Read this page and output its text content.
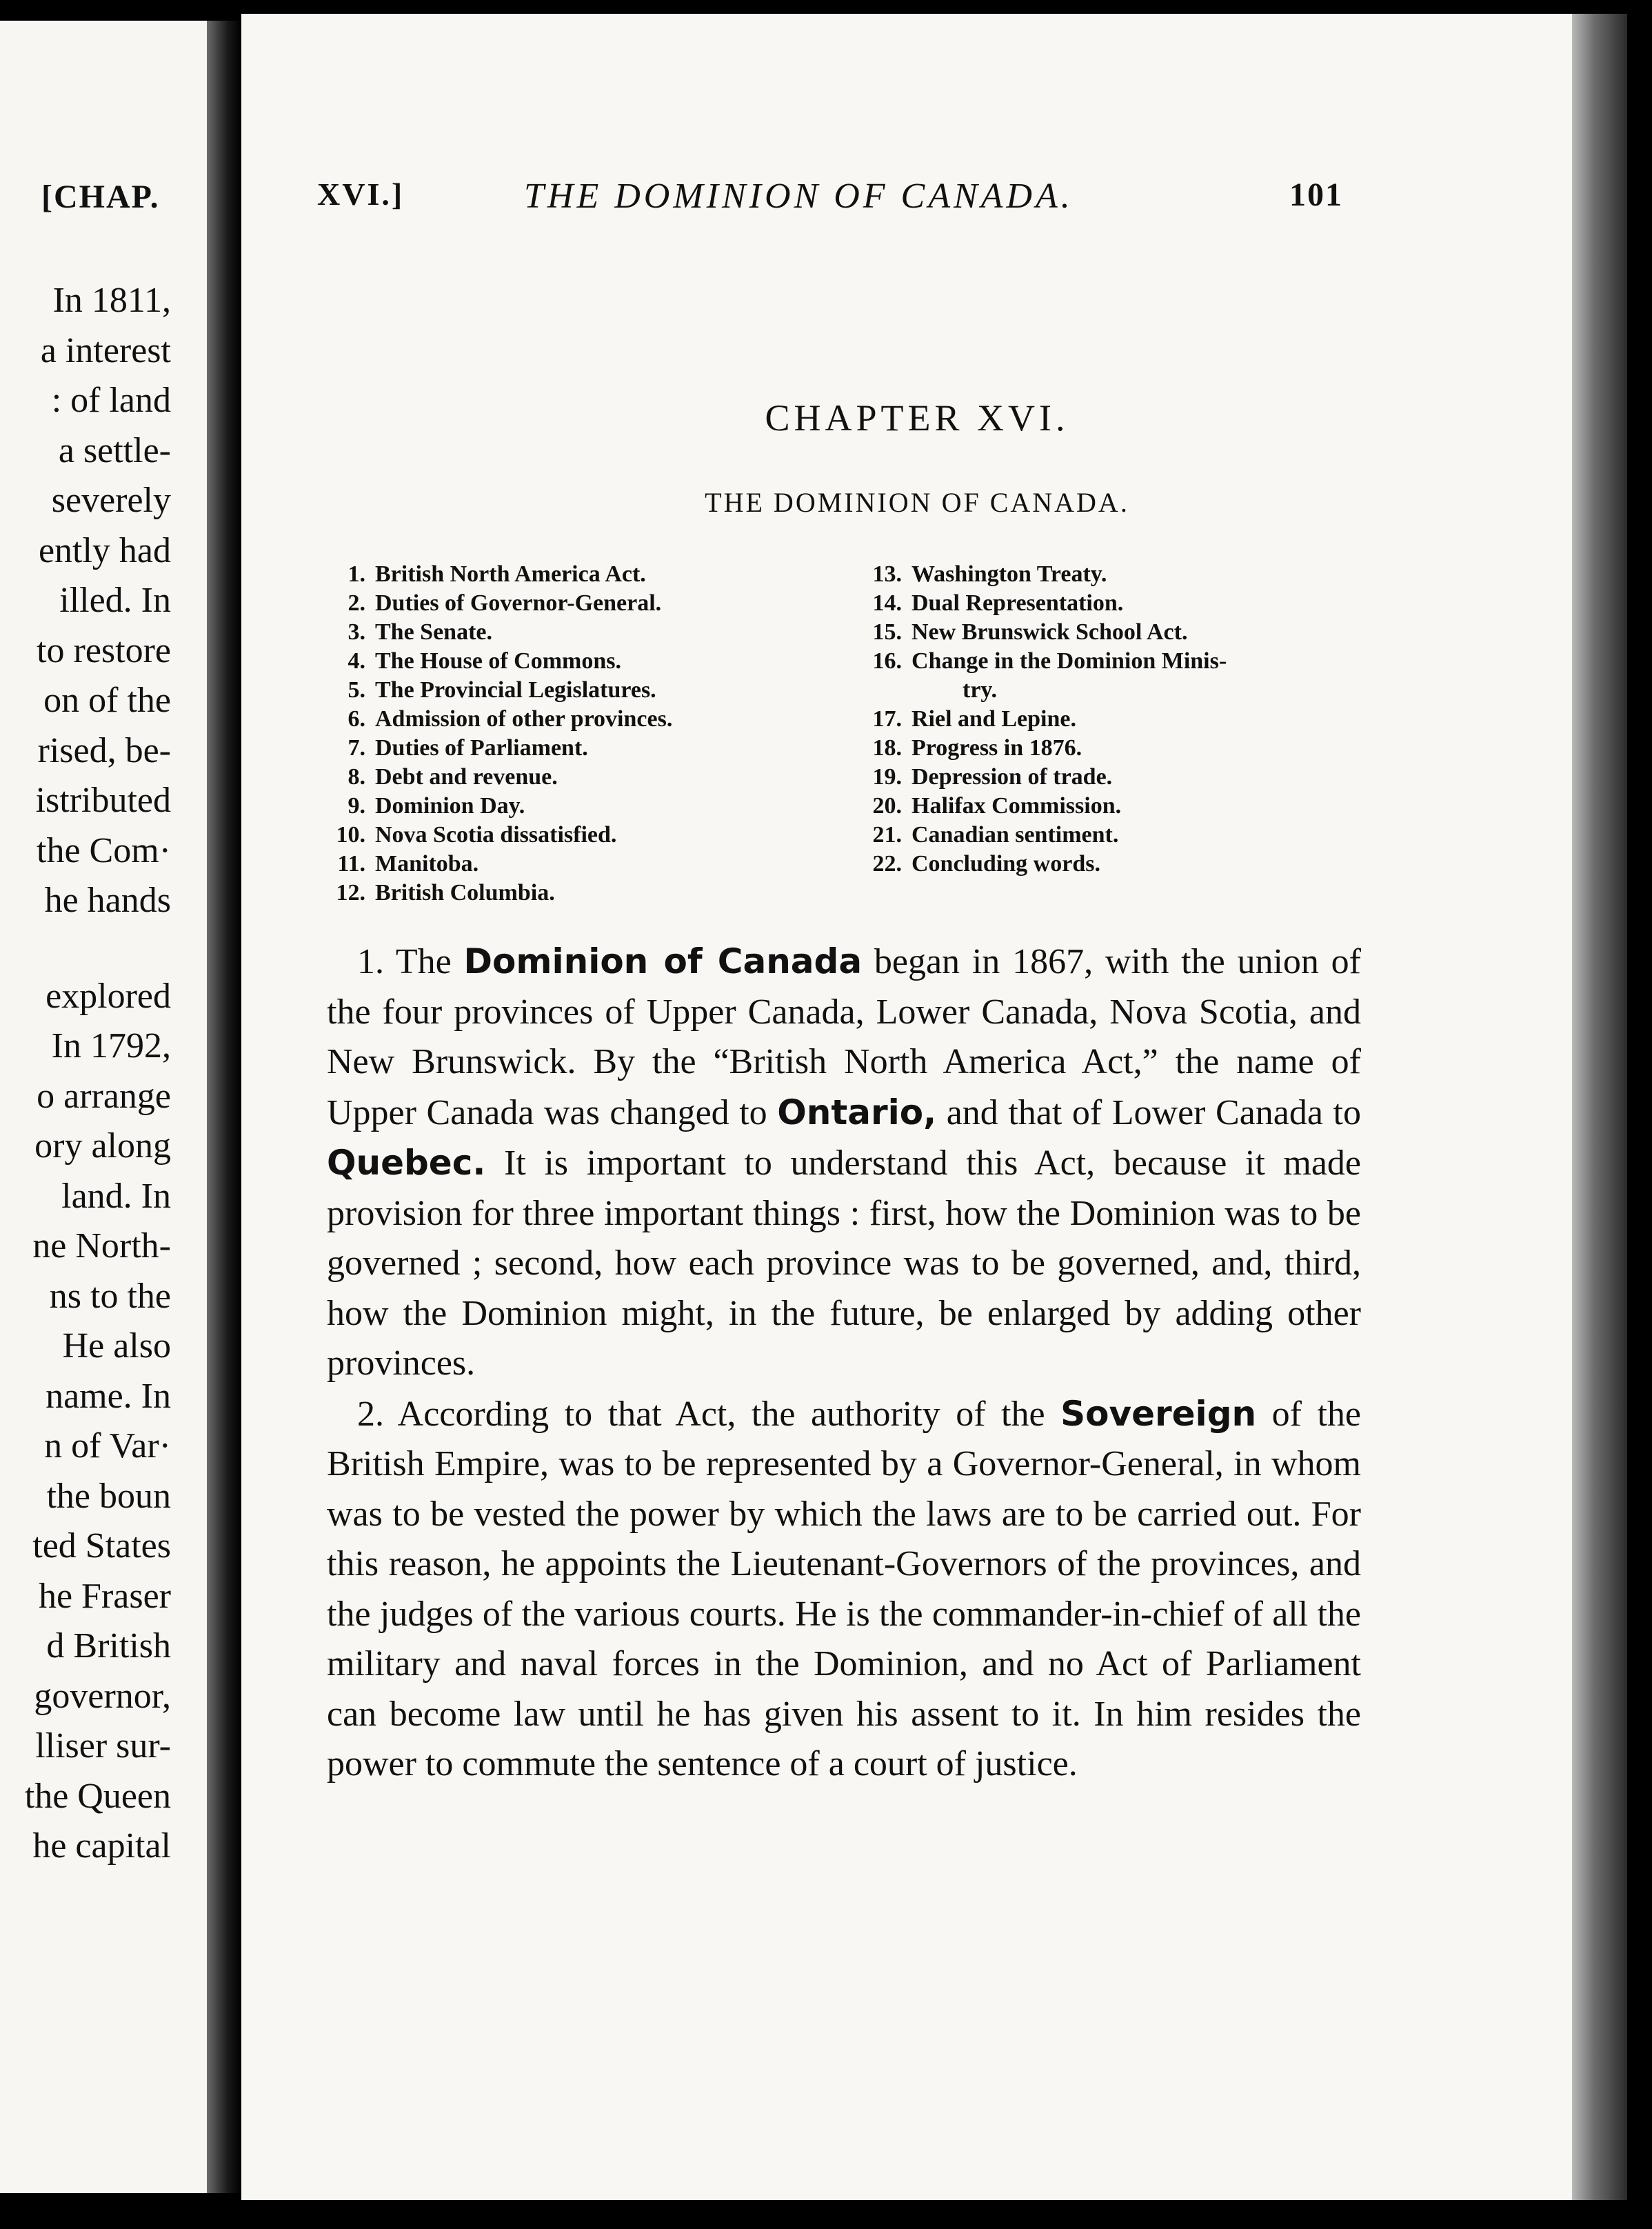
[CHAP.
In 1811,
a interest
: of land
a settle-
severely
ently had
illed. In
to restore
on of the
rised, be-
istributed
the Com·
he hands
explored
In 1792,
o arrange
ory along
land. In
ne North-
ns to the
He also
name. In
n of Var·
the boun
ted States
he Fraser
d British
governor,
lliser sur-
the Queen
he capital
XVI.]	THE DOMINION OF CANADA.	101
CHAPTER XVI.
THE DOMINION OF CANADA.
1. British North America Act.
2. Duties of Governor-General.
3. The Senate.
4. The House of Commons.
5. The Provincial Legislatures.
6. Admission of other provinces.
7. Duties of Parliament.
8. Debt and revenue.
9. Dominion Day.
10. Nova Scotia dissatisfied.
11. Manitoba.
12. British Columbia.
13. Washington Treaty.
14. Dual Representation.
15. New Brunswick School Act.
16. Change in the Dominion Minis-
try.
17. Riel and Lepine.
18. Progress in 1876.
19. Depression of trade.
20. Halifax Commission.
21. Canadian sentiment.
22. Concluding words.

1. The Dominion of Canada began in 1867, with the union of the four provinces of Upper Canada, Lower Canada, Nova Scotia, and New Brunswick. By the “British North America Act,” the name of Upper Canada was changed to Ontario, and that of Lower Canada to Quebec. It is important to understand this Act, because it made provision for three important things : first, how the Dominion was to be governed ; second, how each province was to be governed, and, third, how the Dominion might, in the future, be enlarged by adding other provinces.

2. According to that Act, the authority of the Sovereign of the British Empire, was to be represented by a Governor-General, in whom was to be vested the power by which the laws are to be carried out. For this reason, he appoints the Lieutenant-Governors of the provinces, and the judges of the various courts. He is the commander-in-chief of all the military and naval forces in the Dominion, and no Act of Parliament can become law until he has given his assent to it. In him resides the power to commute the sentence of a court of justice.
